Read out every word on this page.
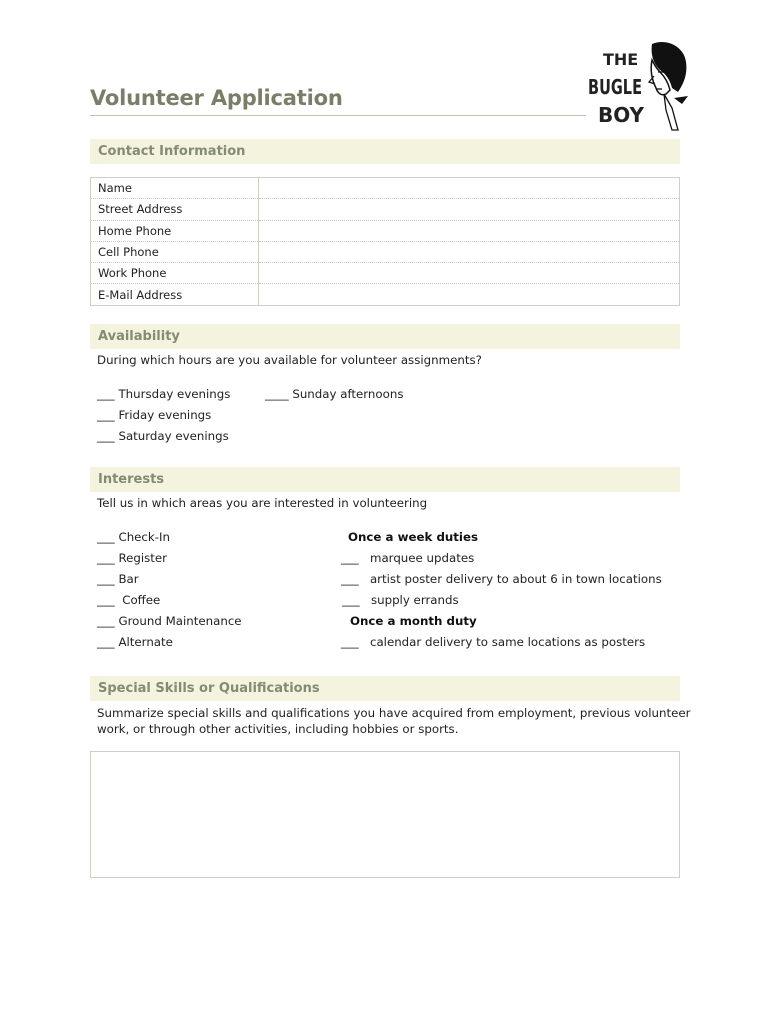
Volunteer Application
THE
BUGLE
BOY
Contact Information
Name	
Street Address	
Home Phone	
Cell Phone	
Work Phone	
E-Mail Address	
Availability
During which hours are you available for volunteer assignments?
___ Thursday evenings
___ Friday evenings
___ Saturday evenings
____ Sunday afternoons
Interests
Tell us in which areas you are interested in volunteering
___ Check-In
___ Register
___ Bar
___ Coffee
___ Ground Maintenance
___ Alternate
Once a week duties
___ marquee updates
___ artist poster delivery to about 6 in town locations
___ supply errands
Once a month duty
___ calendar delivery to same locations as posters
Special Skills or Qualifications
Summarize special skills and qualifications you have acquired from employment, previous volunteer
work, or through other activities, including hobbies or sports.
